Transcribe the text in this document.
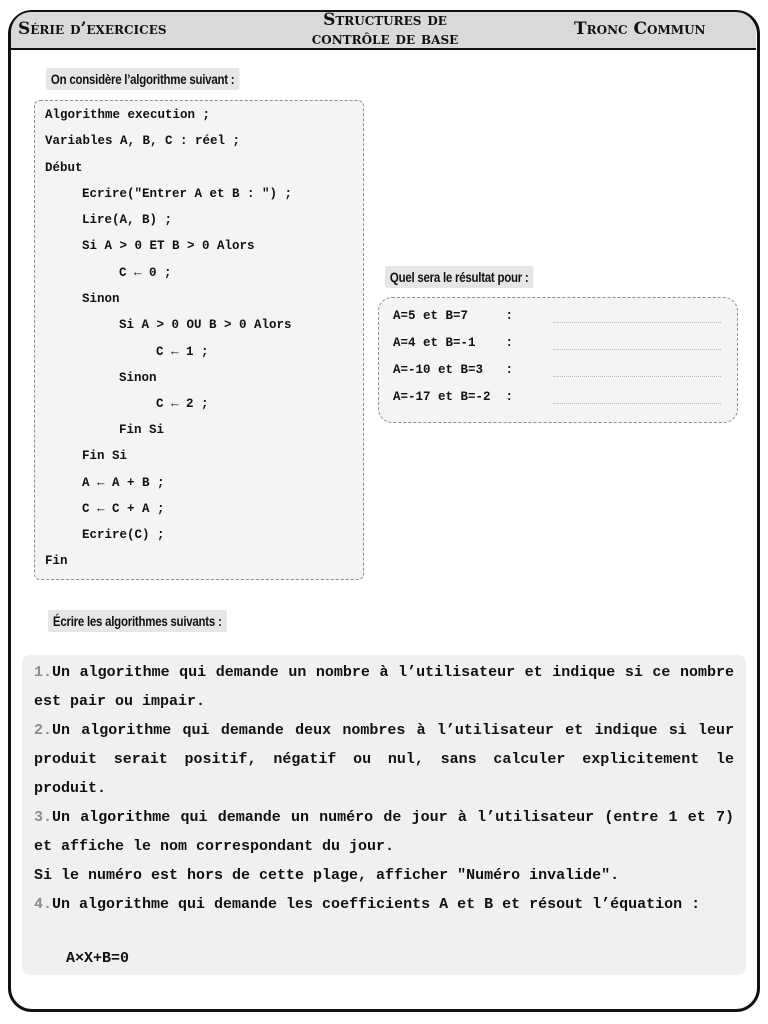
Série d’exercices	Structures de
contrôle de base	Tronc Commun
On considère l’algorithme suivant :
Algorithme execution ;
Variables A, B, C : réel ;
Début
Ecrire("Entrer A et B : ") ;
Lire(A, B) ;
Si A > 0 ET B > 0 Alors
C ← 0 ;
Sinon
Si A > 0 OU B > 0 Alors
C ← 1 ;
Sinon
C ← 2 ;
Fin Si
Fin Si
A ← A + B ;
C ← C + A ;
Ecrire(C) ;
Fin
Quel sera le résultat pour :
A=5 et B=7     :
A=4 et B=-1    :
A=-10 et B=3   :
A=-17 et B=-2  :
Écrire les algorithmes suivants :
1.Un algorithme qui demande un nombre à l’utilisateur et indique si ce nombre est pair ou impair.
2.Un algorithme qui demande deux nombres à l’utilisateur et indique si leur produit serait positif, négatif ou nul, sans calculer explicitement le produit.
3.Un algorithme qui demande un numéro de jour à l’utilisateur (entre 1 et 7) et affiche le nom correspondant du jour.
Si le numéro est hors de cette plage, afficher "Numéro invalide".
4.Un algorithme qui demande les coefficients A et B et résout l’équation :
A×X+B=0
